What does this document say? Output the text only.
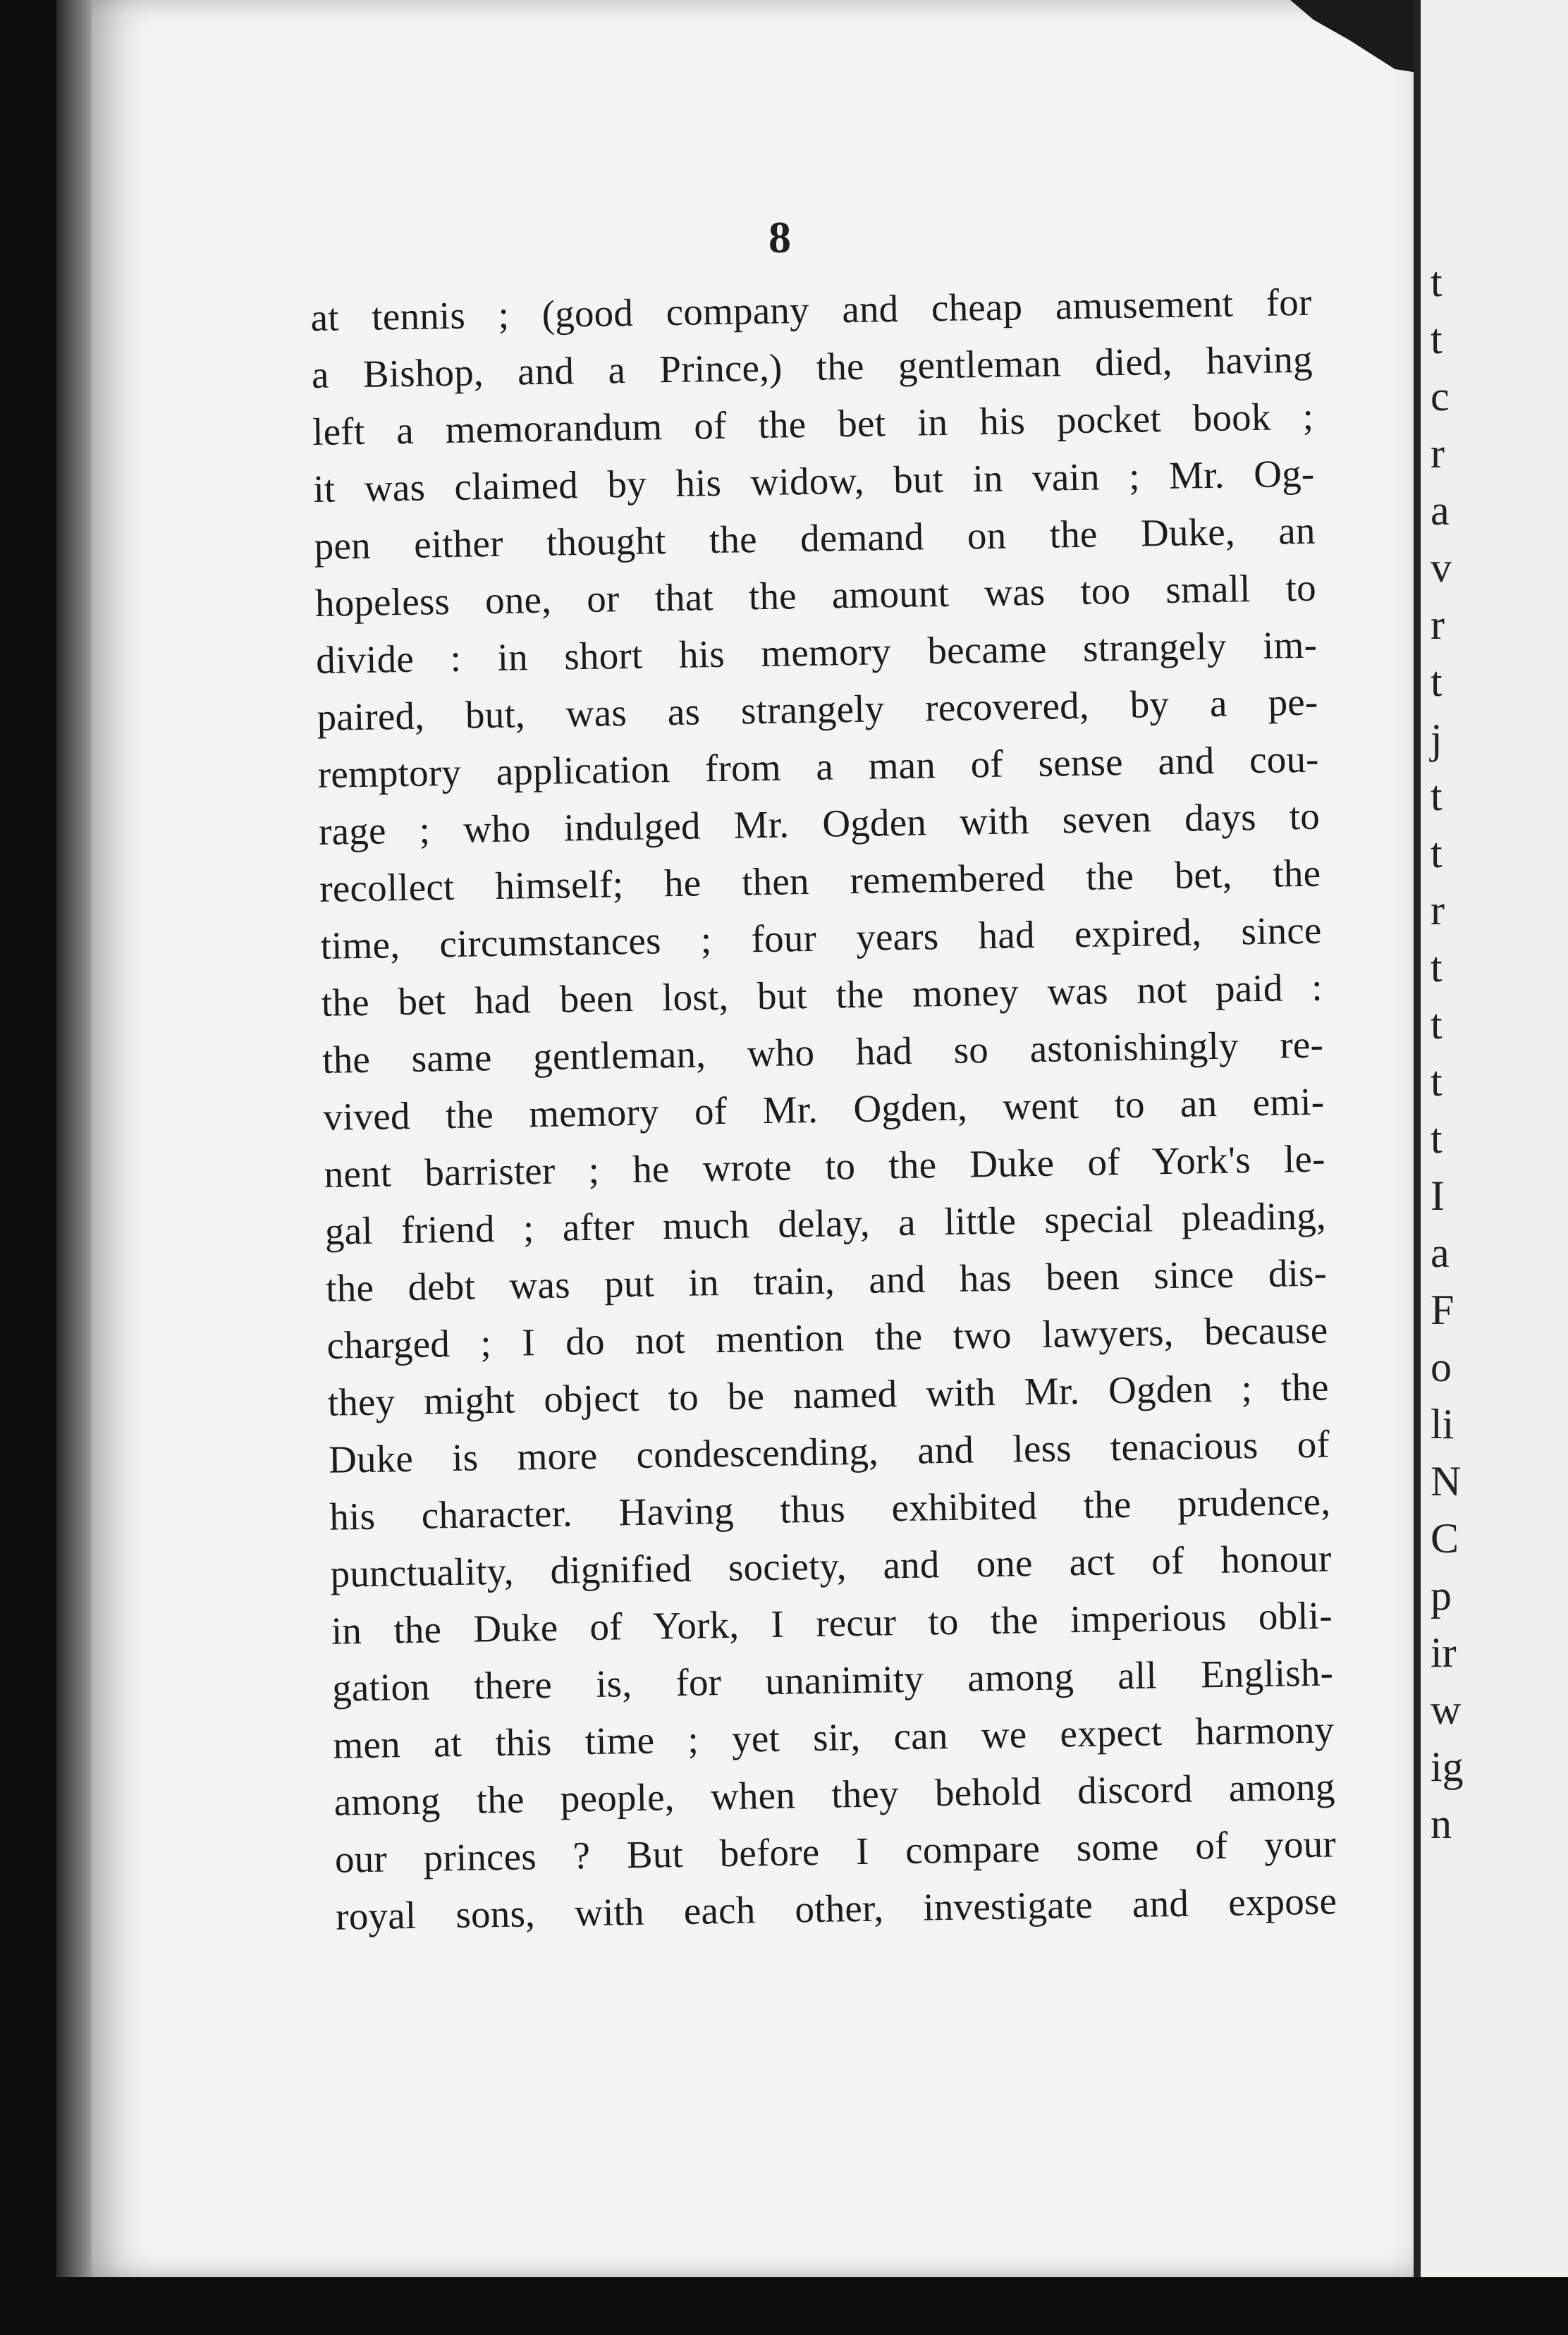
8
at tennis ; (good company and cheap amusement for
a Bishop, and a Prince,) the gentleman died, having
left a memorandum of the bet in his pocket book ;
it was claimed by his widow, but in vain ; Mr. Og-
pen either thought the demand on the Duke, an
hopeless one, or that the amount was too small to
divide : in short his memory became strangely im-
paired, but, was as strangely recovered, by a pe-
remptory application from a man of sense and cou-
rage ; who indulged Mr. Ogden with seven days to
recollect himself; he then remembered the bet, the
time, circumstances ; four years had expired, since
the bet had been lost, but the money was not paid :
the same gentleman, who had so astonishingly re-
vived the memory of Mr. Ogden, went to an emi-
nent barrister ; he wrote to the Duke of York's le-
gal friend ; after much delay, a little special pleading,
the debt was put in train, and has been since dis-
charged ; I do not mention the two lawyers, because
they might object to be named with Mr. Ogden ; the
Duke is more condescending, and less tenacious of
his character. Having thus exhibited the prudence,
punctuality, dignified society, and one act of honour
in the Duke of York, I recur to the imperious obli-
gation there is, for unanimity among all English-
men at this time ; yet sir, can we expect harmony
among the people, when they behold discord among
our princes ? But before I compare some of your
royal sons, with each other, investigate and expose
t
t
c
r
a
v
r
t
j
t
t
r
t
t
t
t
I
a
F
o
li
N
C
p
ir
w
ig
n
